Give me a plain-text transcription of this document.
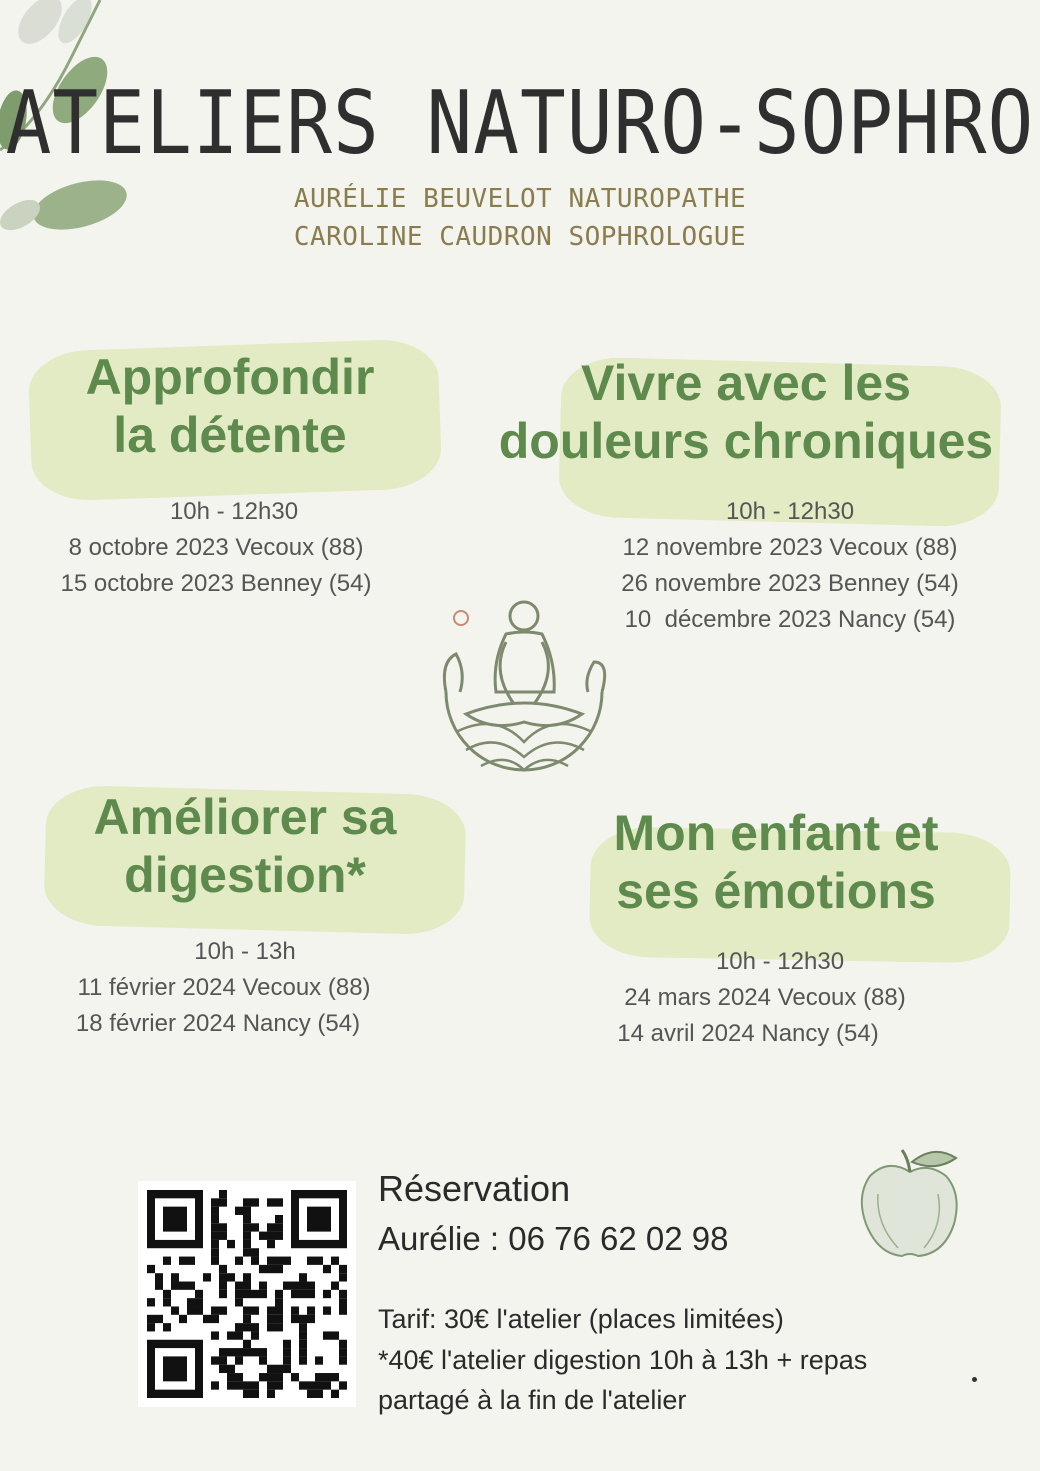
ATELIERS NATURO-SOPHRO
AURÉLIE BEUVELOT NATUROPATHE
CAROLINE CAUDRON SOPHROLOGUE
Approfondir
la détente
10h - 12h30
8 octobre 2023 Vecoux (88)
15 octobre 2023 Benney (54)
Vivre avec les
douleurs chroniques
10h - 12h30
12 novembre 2023 Vecoux (88)
26 novembre 2023 Benney (54)
10  décembre 2023 Nancy (54)
Améliorer sa
digestion*
10h - 13h
11 février 2024 Vecoux (88)
18 février 2024 Nancy (54)
Mon enfant et
ses émotions
10h - 12h30
24 mars 2024 Vecoux (88)
14 avril 2024 Nancy (54)
Réservation
Aurélie : 06 76 62 02 98
Tarif: 30€ l'atelier (places limitées)
*40€ l'atelier digestion 10h à 13h + repas
partagé à la fin de l'atelier
